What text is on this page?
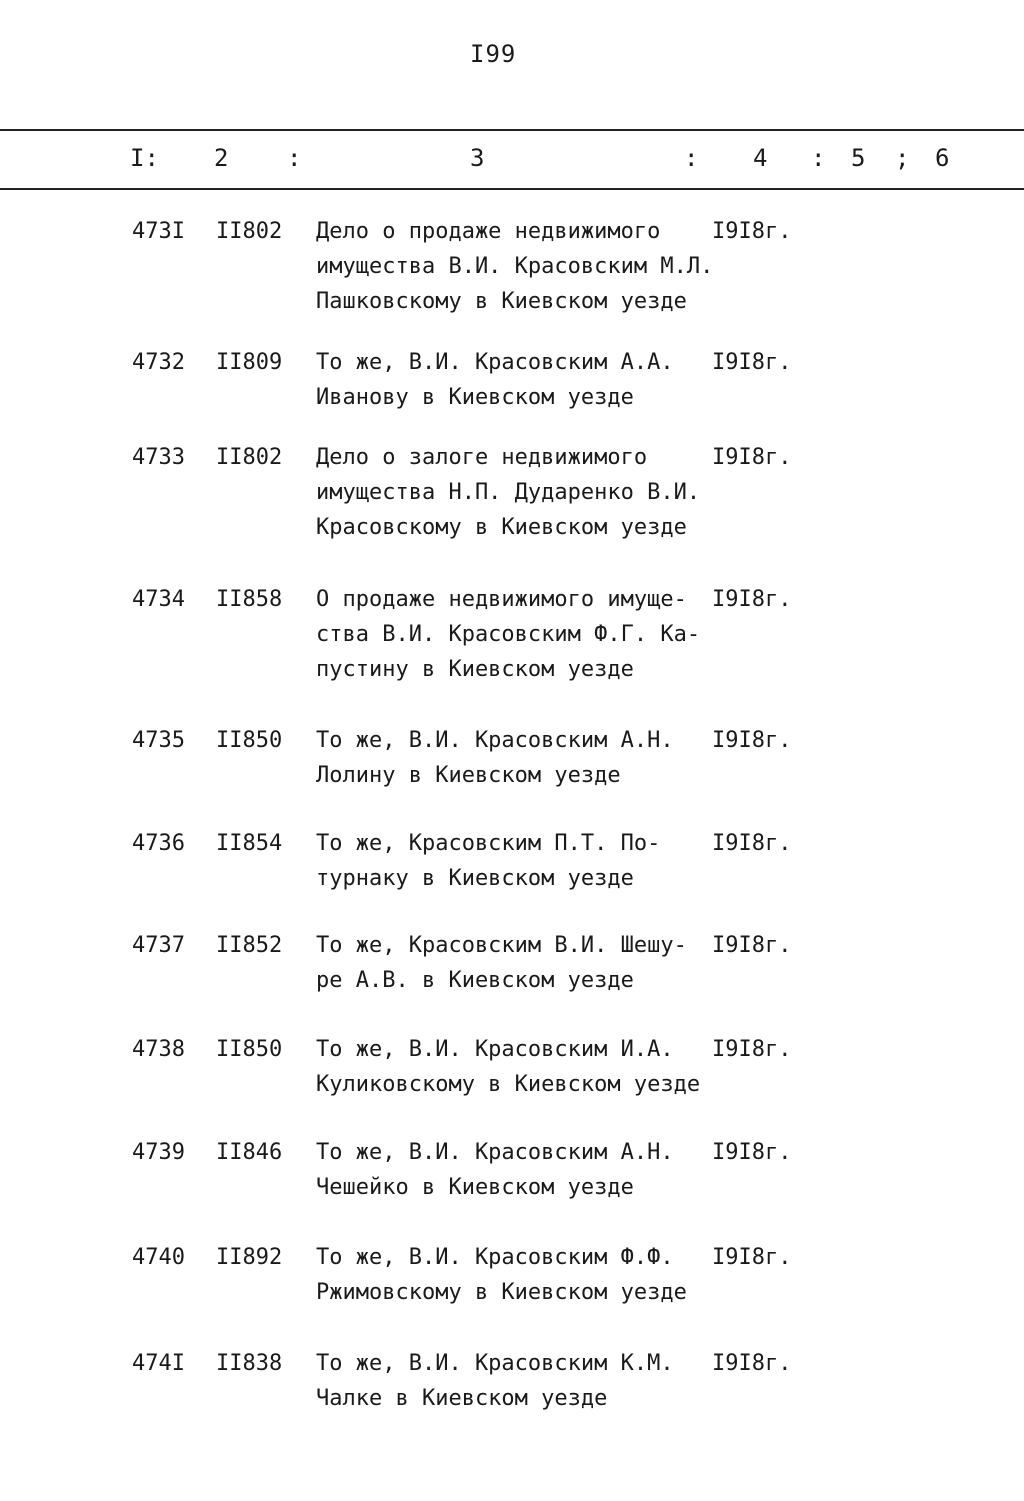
I99
I: 2 :	3	: 4 : 5 ; 6
473I II802 Дело о продаже недвижимого
имущества В.И. Красовским М.Л.
Пашковскому в Киевском уезде
I9I8г.
4732 II809 То же, В.И. Красовским А.А.
Иванову в Киевском уезде
I9I8г.
4733 II802 Дело о залоге недвижимого
имущества Н.П. Дударенко В.И.
Красовскому в Киевском уезде
I9I8г.
4734 II858 О продаже недвижимого имуще-
ства В.И. Красовским Ф.Г. Ка-
пустину в Киевском уезде
I9I8г.
4735 II850 То же, В.И. Красовским А.Н.
Лолину в Киевском уезде
I9I8г.
4736 II854 То же, Красовским П.Т. По-
турнаку в Киевском уезде
I9I8г.
4737 II852 То же, Красовским В.И. Шешу-
ре А.В. в Киевском уезде
I9I8г.
4738 II850 То же, В.И. Красовским И.А.
Куликовскому в Киевском уезде
I9I8г.
4739 II846 То же, В.И. Красовским А.Н.
Чешейко в Киевском уезде
I9I8г.
4740 II892 То же, В.И. Красовским Ф.Ф.
Ржимовскому в Киевском уезде
I9I8г.
474I II838 То же, В.И. Красовским К.М.
Чалке в Киевском уезде
I9I8г.
